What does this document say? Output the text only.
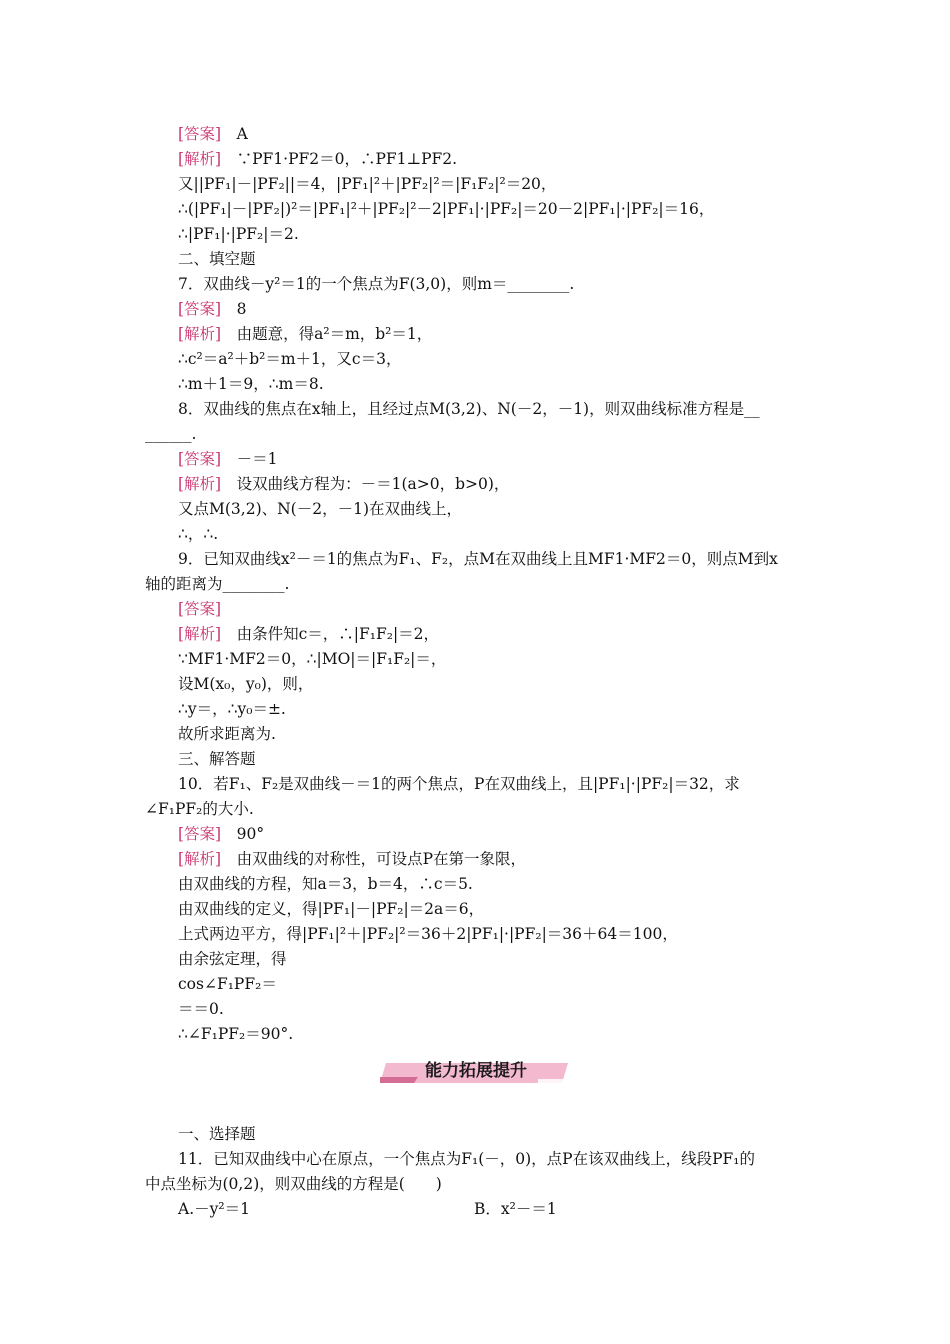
[答案]　A
[解析]　∵PF1·PF2＝0，∴PF1⊥PF2.
又||PF₁|－|PF₂||＝4，|PF₁|²＋|PF₂|²＝|F₁F₂|²＝20，
∴(|PF₁|－|PF₂|)²＝|PF₁|²＋|PF₂|²－2|PF₁|·|PF₂|＝20－2|PF₁|·|PF₂|＝16，
∴|PF₁|·|PF₂|＝2.
二、填空题
7．双曲线－y²＝1的一个焦点为F(3,0)，则m＝________.
[答案]　8
[解析]　由题意，得a²＝m，b²＝1，
∴c²＝a²＋b²＝m＋1，又c＝3，
∴m＋1＝9，∴m＝8.
8．双曲线的焦点在x轴上，且经过点M(3,2)、N(－2，－1)，则双曲线标准方程是__
______.
[答案]　－＝1
[解析]　设双曲线方程为：－＝1(a>0，b>0)，
又点M(3,2)、N(－2，－1)在双曲线上，
∴，∴.
9．已知双曲线x²－＝1的焦点为F₁、F₂，点M在双曲线上且MF1·MF2＝0，则点M到x
轴的距离为________.
[答案]
[解析]　由条件知c＝，∴|F₁F₂|＝2，
∵MF1·MF2＝0，∴|MO|＝|F₁F₂|＝，
设M(x₀，y₀)，则，
∴y＝，∴y₀＝±.
故所求距离为.
三、解答题
10．若F₁、F₂是双曲线－＝1的两个焦点，P在双曲线上，且|PF₁|·|PF₂|＝32，求
∠F₁PF₂的大小.
[答案]　90°
[解析]　由双曲线的对称性，可设点P在第一象限，
由双曲线的方程，知a＝3，b＝4，∴c＝5.
由双曲线的定义，得|PF₁|－|PF₂|＝2a＝6，
上式两边平方，得|PF₁|²＋|PF₂|²＝36＋2|PF₁|·|PF₂|＝36＋64＝100，
由余弦定理，得
cos∠F₁PF₂＝
＝＝0.
∴∠F₁PF₂＝90°.
能力拓展提升
一、选择题
11．已知双曲线中心在原点，一个焦点为F₁(－，0)，点P在该双曲线上，线段PF₁的
中点坐标为(0,2)，则双曲线的方程是(　　)
A.－y²＝1	B．x²－＝1
